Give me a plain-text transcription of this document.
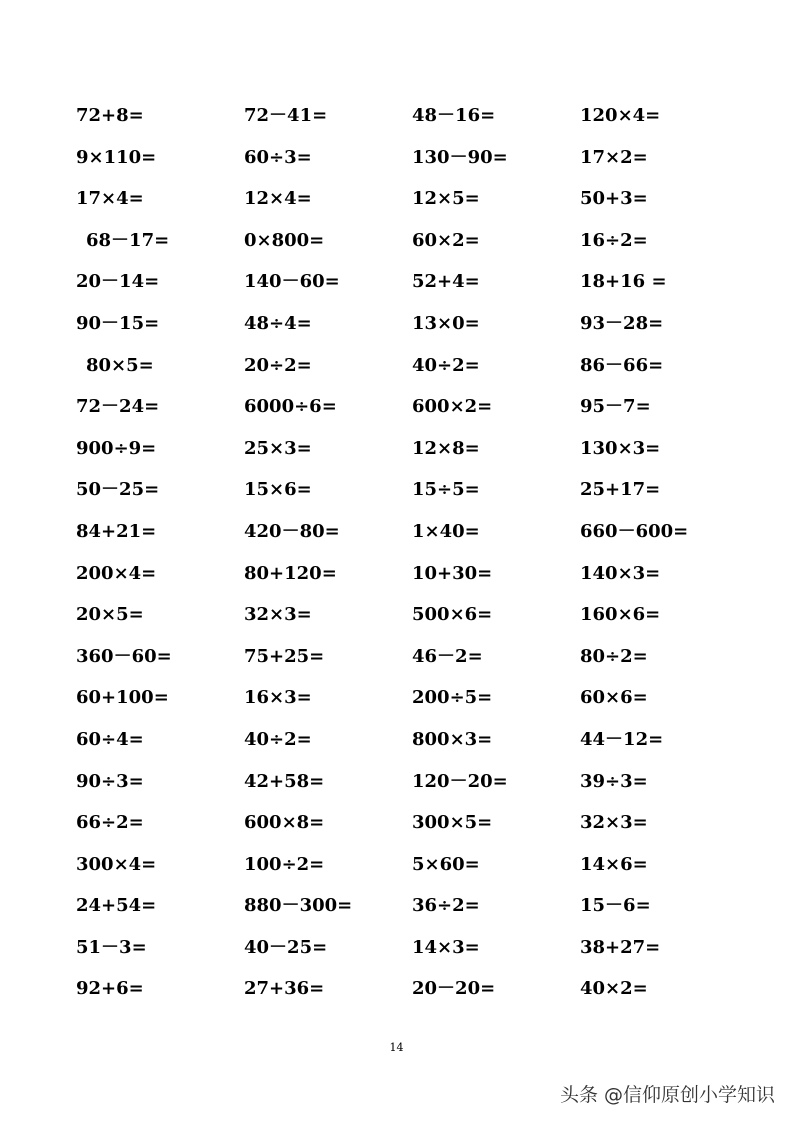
72+8=	72－41=	48－16=	120×4=
9×110=	60÷3=	130－90=	17×2=
17×4=	12×4=	12×5=	50+3=
68－17=	0×800=	60×2=	16÷2=
20－14=	140－60=	52+4=	18+16 =
90－15=	48÷4=	13×0=	93－28=
80×5=	20÷2=	40÷2=	86－66=
72－24=	6000÷6=	600×2=	95－7=
900÷9=	25×3=	12×8=	130×3=
50－25=	15×6=	15÷5=	25+17=
84+21=	420－80=	1×40=	660－600=
200×4=	80+120=	10+30=	140×3=
20×5=	32×3=	500×6=	160×6=
360－60=	75+25=	46－2=	80÷2=
60+100=	16×3=	200÷5=	60×6=
60÷4=	40÷2=	800×3=	44－12=
90÷3=	42+58=	120－20=	39÷3=
66÷2=	600×8=	300×5=	32×3=
300×4=	100÷2=	5×60=	14×6=
24+54=	880－300=	36÷2=	15－6=
51－3=	40－25=	14×3=	38+27=
92+6=	27+36=	20－20=	40×2=
14
头条 @信仰原创小学知识
